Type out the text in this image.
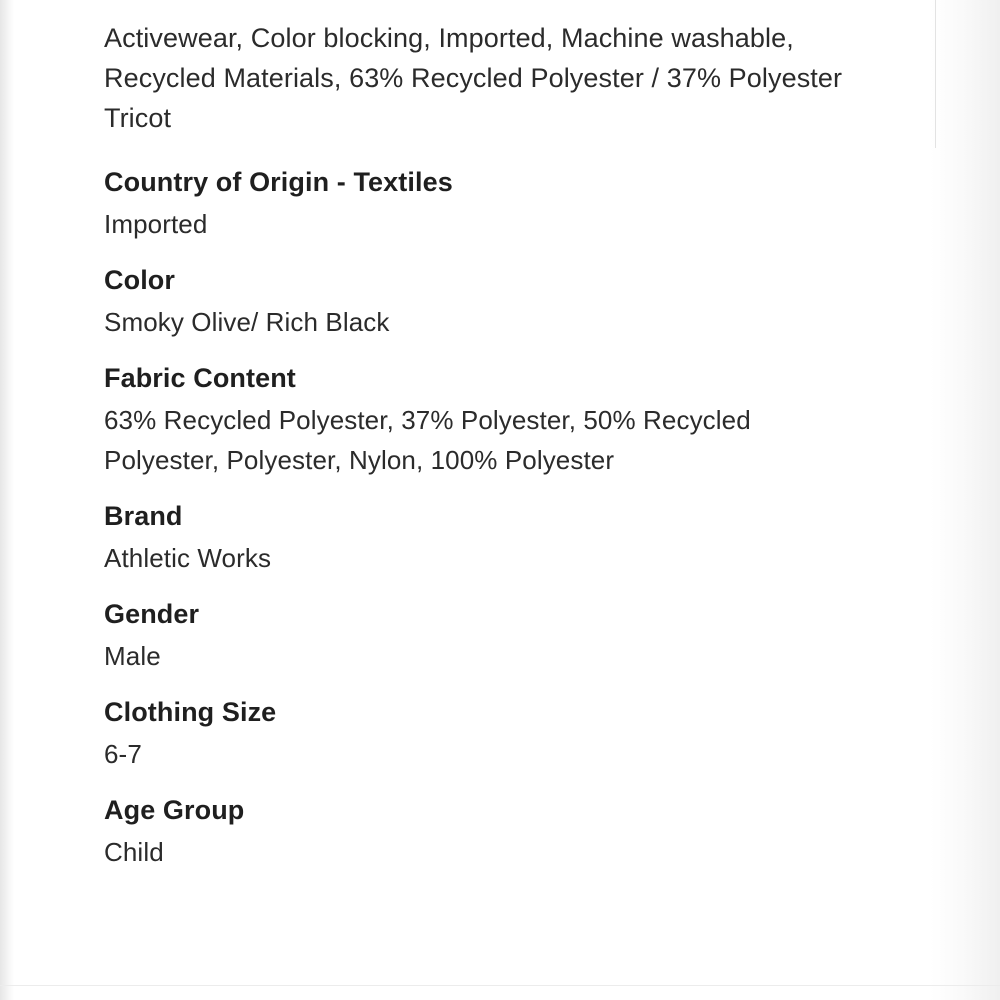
Activewear, Color blocking, Imported, Machine washable, Recycled Materials, 63% Recycled Polyester / 37% Polyester Tricot

Country of Origin - Textiles
Imported
Color
Smoky Olive/ Rich Black
Fabric Content
63% Recycled Polyester, 37% Polyester, 50% Recycled Polyester, Polyester, Nylon, 100% Polyester
Brand
Athletic Works
Gender
Male
Clothing Size
6-7
Age Group
Child
